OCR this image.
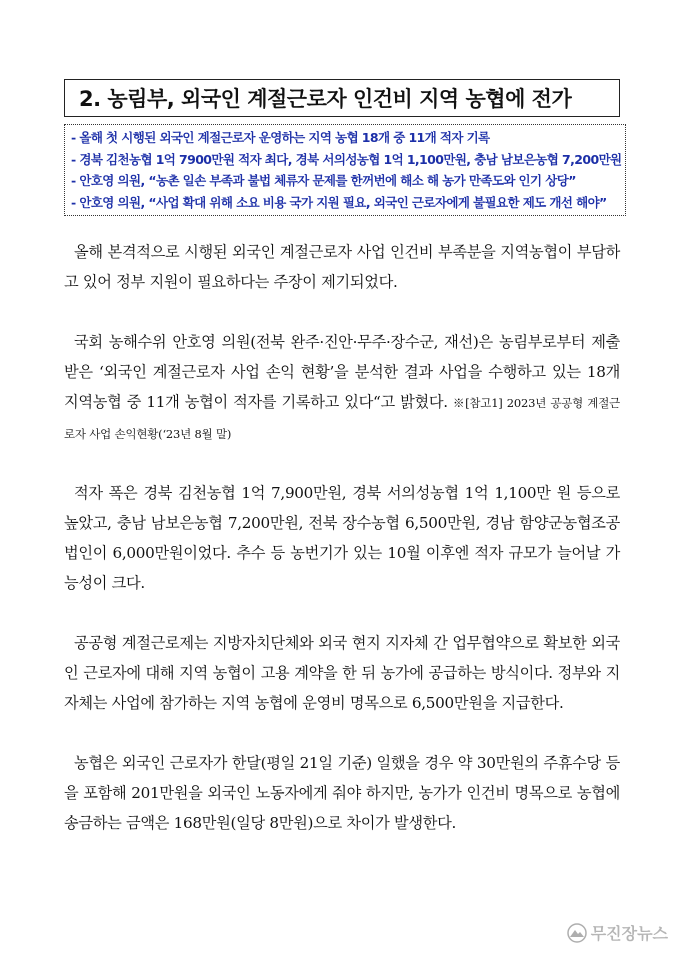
2. 농림부, 외국인 계절근로자 인건비 지역 농협에 전가
- 올해 첫 시행된 외국인 계절근로자 운영하는 지역 농협 18개 중 11개 적자 기록
- 경북 김천농협 1억 7900만원 적자 최다, 경북 서의성농협 1억 1,100만원, 충남 남보은농협 7,200만원
- 안호영 의원, “농촌 일손 부족과 불법 체류자 문제를 한꺼번에 해소 해 농가 만족도와 인기 상당”
- 안호영 의원, “사업 확대 위해 소요 비용 국가 지원 필요, 외국인 근로자에게 불필요한 제도 개선 해야”
올해 본격적으로 시행된 외국인 계절근로자 사업 인건비 부족분을 지역농협이 부담하고 있어 정부 지원이 필요하다는 주장이 제기되었다.
국회 농해수위 안호영 의원(전북 완주·진안·무주·장수군, 재선)은 농림부로부터 제출받은 ‘외국인 계절근로자 사업 손익 현황’을 분석한 결과 사업을 수행하고 있는 18개 지역농협 중 11개 농협이 적자를 기록하고 있다“고 밝혔다. ※[참고1] 2023년 공공형 계절근로자 사업 손익현황(‘23년 8월 말)
적자 폭은 경북 김천농협 1억 7,900만원, 경북 서의성농협 1억 1,100만 원 등으로 높았고, 충남 남보은농협 7,200만원, 전북 장수농협 6,500만원, 경남 함양군농협조공법인이 6,000만원이었다. 추수 등 농번기가 있는 10월 이후엔 적자 규모가 늘어날 가능성이 크다.
공공형 계절근로제는 지방자치단체와 외국 현지 지자체 간 업무협약으로 확보한 외국인 근로자에 대해 지역 농협이 고용 계약을 한 뒤 농가에 공급하는 방식이다. 정부와 지자체는 사업에 참가하는 지역 농협에 운영비 명목으로 6,500만원을 지급한다.
농협은 외국인 근로자가 한달(평일 21일 기준) 일했을 경우 약 30만원의 주휴수당 등을 포함해 201만원을 외국인 노동자에게 줘야 하지만, 농가가 인건비 명목으로 농협에 송금하는 금액은 168만원(일당 8만원)으로 차이가 발생한다.
무진장뉴스
